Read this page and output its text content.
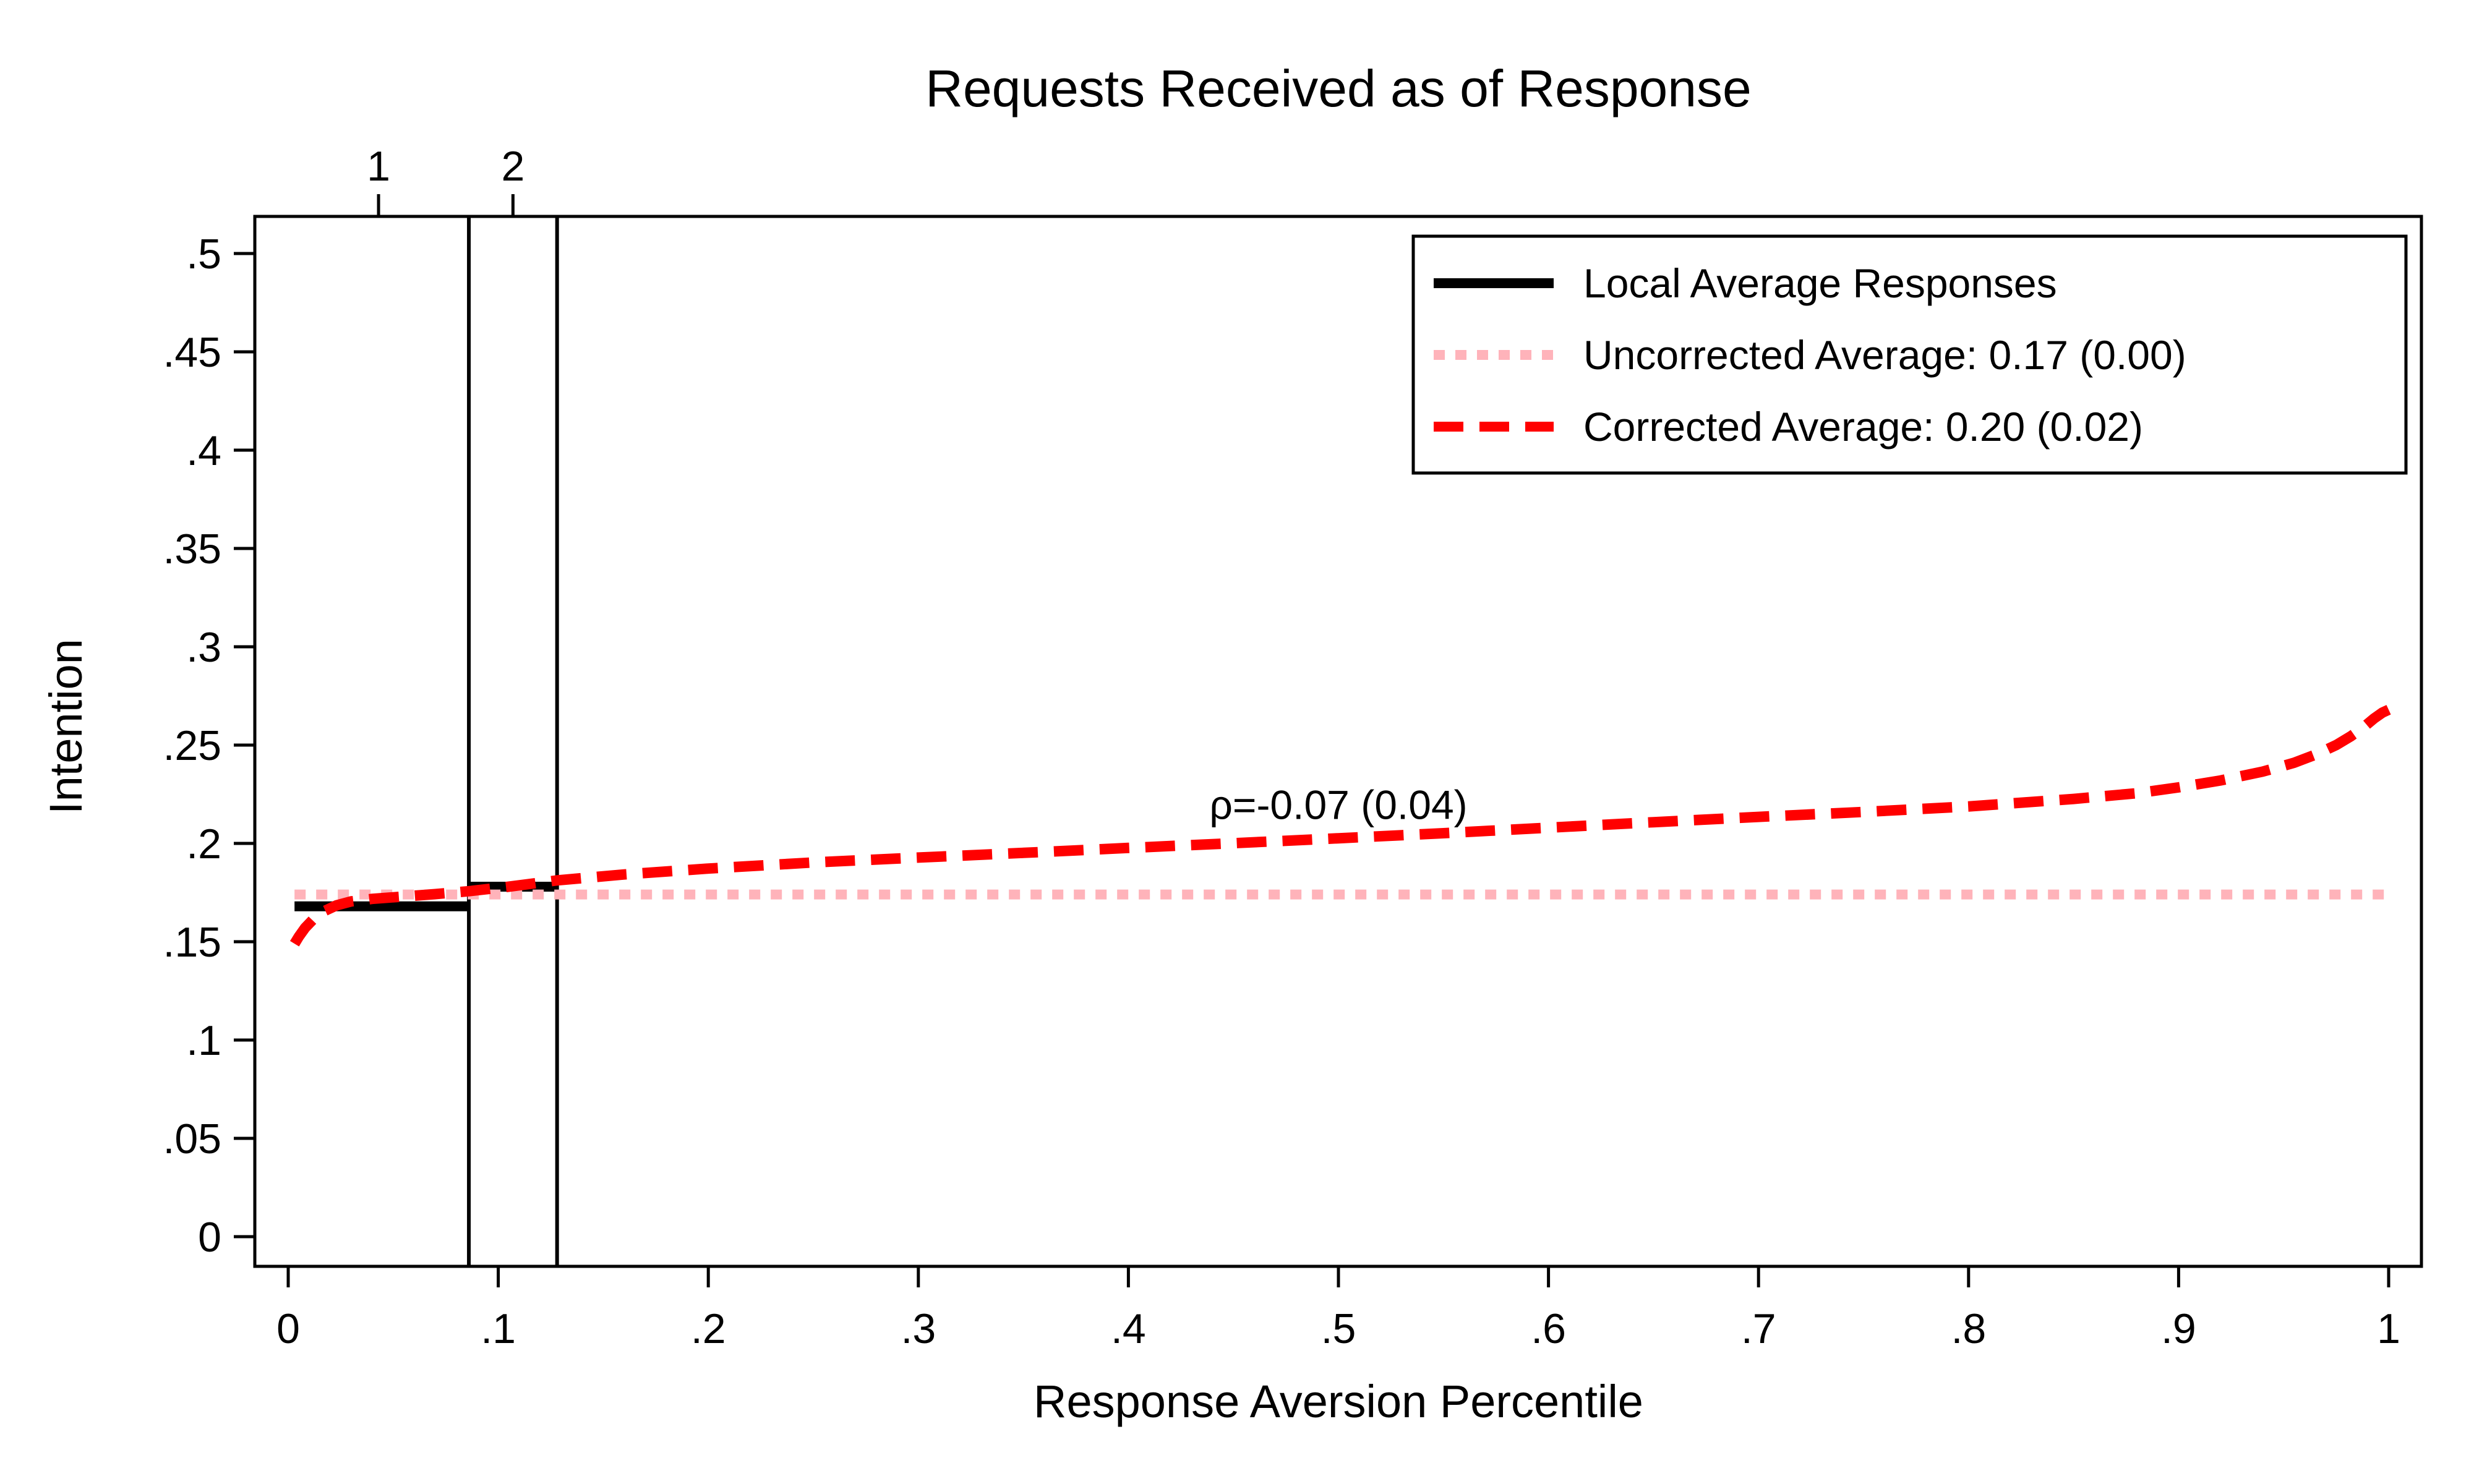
Requests Received as of Response
Response Aversion Percentile
Intention	ρ=-0.07 (0.04)
0
.05
.1
.15
.2
.25
.3
.35
.4
.45
.5
0	.1	.2	.3	.4	.5	.6	.7	.8	.9	1
1	2
Local Average Responses
Uncorrected Average: 0.17 (0.00)
Corrected Average: 0.20 (0.02)
